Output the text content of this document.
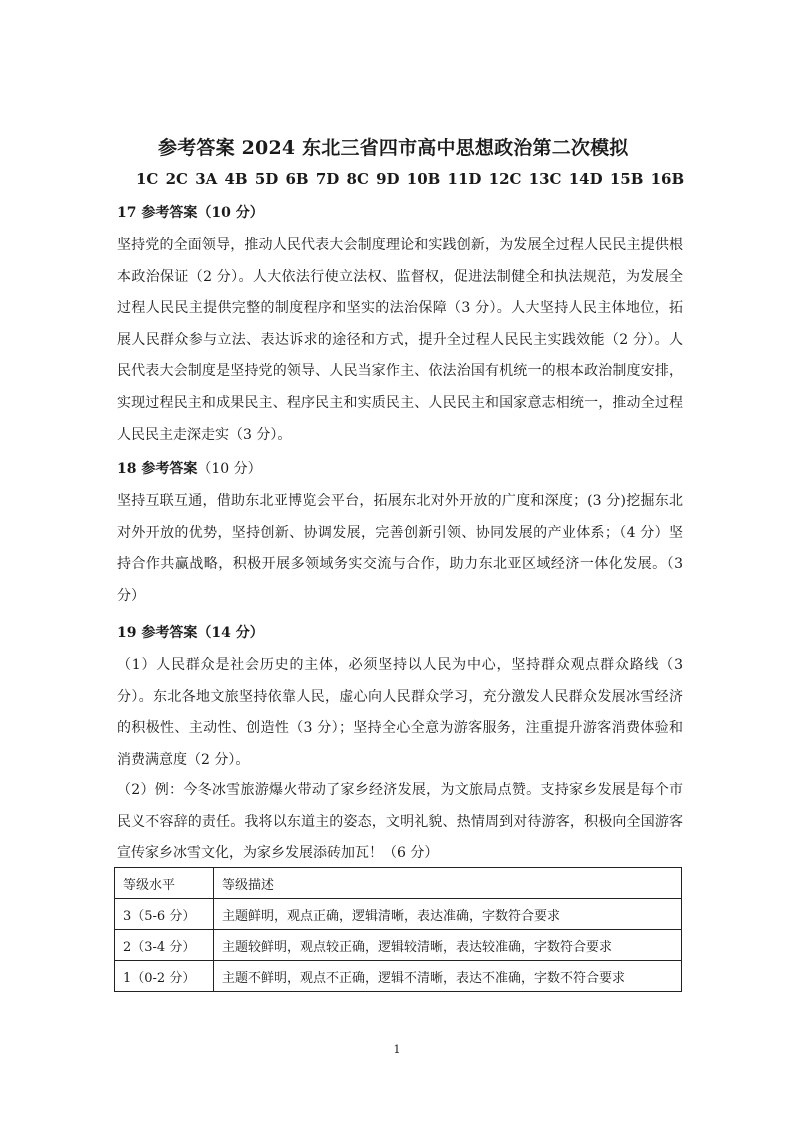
参考答案 2024 东北三省四市高中思想政治第二次模拟
1C 2C 3A 4B 5D 6B 7D 8C 9D 10B 11D 12C 13C 14D 15B 16B
17 参考答案（10 分）
坚持党的全面领导，推动人民代表大会制度理论和实践创新，为发展全过程人民民主提供根本政治保证（2 分）。人大依法行使立法权、监督权，促进法制健全和执法规范，为发展全过程人民民主提供完整的制度程序和坚实的法治保障（3 分）。人大坚持人民主体地位，拓展人民群众参与立法、表达诉求的途径和方式，提升全过程人民民主实践效能（2 分）。人民代表大会制度是坚持党的领导、人民当家作主、依法治国有机统一的根本政治制度安排，实现过程民主和成果民主、程序民主和实质民主、人民民主和国家意志相统一，推动全过程人民民主走深走实（3 分）。
18 参考答案（10 分）
坚持互联互通，借助东北亚博览会平台，拓展东北对外开放的广度和深度；(3 分)挖掘东北对外开放的优势，坚持创新、协调发展，完善创新引领、协同发展的产业体系；（4 分）坚持合作共赢战略，积极开展多领域务实交流与合作，助力东北亚区域经济一体化发展。（3 分）
19 参考答案（14 分）
（1）人民群众是社会历史的主体，必须坚持以人民为中心，坚持群众观点群众路线（3 分）。东北各地文旅坚持依靠人民，虚心向人民群众学习，充分激发人民群众发展冰雪经济的积极性、主动性、创造性（3 分）；坚持全心全意为游客服务，注重提升游客消费体验和消费满意度（2 分）。
（2）例：今冬冰雪旅游爆火带动了家乡经济发展，为文旅局点赞。支持家乡发展是每个市民义不容辞的责任。我将以东道主的姿态，文明礼貌、热情周到对待游客，积极向全国游客宣传家乡冰雪文化，为家乡发展添砖加瓦！（6 分）
等级水平	等级描述
3（5-6 分）	主题鲜明，观点正确，逻辑清晰，表达准确，字数符合要求
2（3-4 分）	主题较鲜明，观点较正确，逻辑较清晰，表达较准确，字数符合要求
1（0-2 分）	主题不鲜明，观点不正确，逻辑不清晰，表达不准确，字数不符合要求
1
